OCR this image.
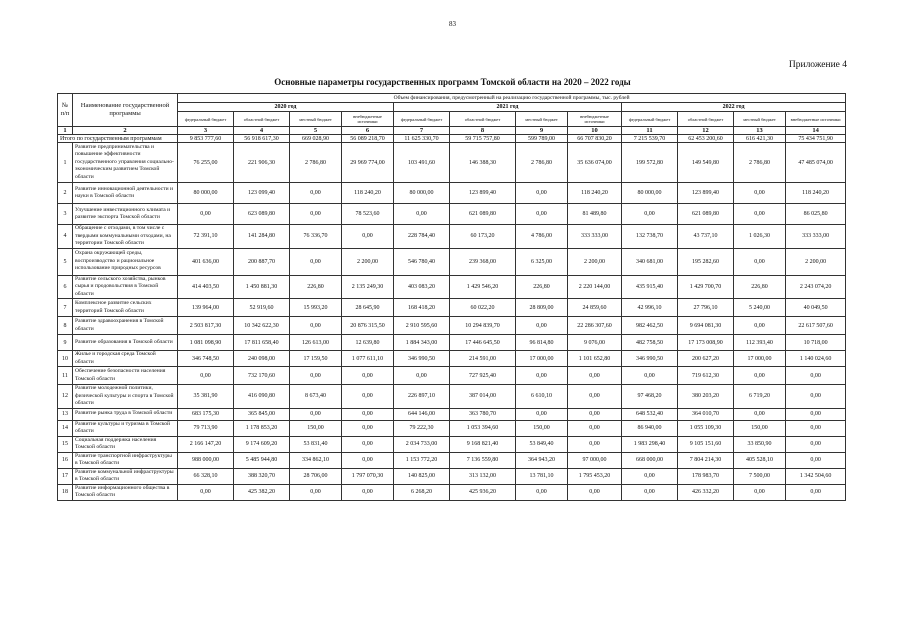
83
Приложение 4
Основные параметры государственных программ Томской области на 2020 – 2022 годы
№ п/п	Наименование государственной программы	Объем финансирования, предусмотренный на реализацию государственной программы, тыс. рублей											
		2020 год				2021 год				2022 год			
		федеральный бюджет	областной бюджет	местный бюджет	внебюджетные источники	федеральный бюджет	областной бюджет	местный бюджет	внебюджетные источники	федеральный бюджет	областной бюджет	местный бюджет	внебюджетные источники
1	2	3	4	5	6	7	8	9	10	11	12	13	14
Итого по государственным программам		9 853 777,60	56 918 617,30	669 028,90	56 089 218,70	11 625 330,70	59 715 757,80	599 789,00	66 707 830,20	7 215 539,70	62 453 200,60	616 421,30	75 434 751,90
1	Развитие предпринимательства и повышение эффективности государственного управления социально-экономическим развитием Томской области	76 255,00	221 906,30	2 786,80	29 969 774,00	103 491,60	146 388,30	2 786,80	35 636 074,00	199 572,80	149 549,80	2 786,80	47 485 074,00
2	Развитие инновационной деятельности и науки в Томской области	80 000,00	123 099,40	0,00	118 240,20	80 000,00	123 899,40	0,00	118 240,20	80 000,00	123 899,40	0,00	118 240,20
3	Улучшение инвестиционного климата и развитие экспорта Томской области	0,00	623 089,80	0,00	78 523,60	0,00	621 089,80	0,00	81 489,80	0,00	621 089,80	0,00	86 025,80
4	Обращение с отходами, в том числе с твердыми коммунальными отходами, на территории Томской области	72 391,10	141 284,80	76 336,70	0,00	228 784,40	60 173,20	4 786,00	333 333,00	132 738,70	43 737,10	1 026,30	333 333,00
5	Охрана окружающей среды, воспроизводство и рациональное использование природных ресурсов	401 636,00	200 887,70	0,00	2 200,00	546 780,40	239 368,00	6 325,00	2 200,00	340 681,00	195 282,60	0,00	2 200,00
6	Развитие сельского хозяйства, рынков сырья и продовольствия в Томской области	414 403,50	1 450 881,30	226,80	2 135 249,30	403 083,20	1 429 546,20	226,80	2 220 144,00	435 915,40	1 429 700,70	226,80	2 243 074,20
7	Комплексное развитие сельских территорий Томской области	139 964,00	52 919,60	15 993,20	28 645,90	168 418,20	60 022,20	28 809,00	24 859,60	42 996,10	27 796,10	5 240,00	40 049,50
8	Развитие здравоохранения в Томской области	2 503 817,30	10 342 622,30	0,00	20 876 315,50	2 910 595,60	10 294 839,70	0,00	22 286 307,60	982 462,50	9 694 081,30	0,00	22 617 507,60
9	Развитие образования в Томской области	1 081 098,90	17 811 658,40	126 613,00	12 639,80	1 884 343,00	17 446 645,50	96 814,80	9 076,00	482 758,50	17 173 008,90	112 393,40	10 718,00
10	Жилье и городская среда Томской области	346 748,50	240 098,00	17 159,50	1 077 611,10	346 990,50	214 591,00	17 000,00	1 101 652,80	346 990,50	200 627,20	17 000,00	1 140 024,60
11	Обеспечение безопасности населения Томской области	0,00	732 170,60	0,00	0,00	0,00	727 925,40	0,00	0,00	0,00	719 612,30	0,00	0,00
12	Развитие молодежной политики, физической культуры и спорта в Томской области	35 381,90	416 090,80	8 673,40	0,00	226 897,10	387 014,00	6 610,10	0,00	97 468,20	380 203,20	6 719,20	0,00
13	Развитие рынка труда в Томской области	683 175,30	365 845,00	0,00	0,00	644 146,00	363 780,70	0,00	0,00	648 532,40	364 010,70	0,00	0,00
14	Развитие культуры и туризма в Томской области	79 713,90	1 178 853,20	150,00	0,00	79 222,30	1 053 394,60	150,00	0,00	86 940,00	1 055 109,30	150,00	0,00
15	Социальная поддержка населения Томской области	2 166 147,20	9 174 609,20	53 831,40	0,00	2 034 733,00	9 168 821,40	53 849,40	0,00	1 983 298,40	9 105 151,60	33 850,90	0,00
16	Развитие транспортной инфраструктуры в Томской области	988 000,00	5 485 944,80	334 862,10	0,00	1 153 772,20	7 136 559,80	364 943,20	97 000,00	668 000,00	7 804 214,30	405 528,10	0,00
17	Развитие коммунальной инфраструктуры в Томской области	66 328,10	388 320,70	28 706,00	1 797 070,30	140 825,00	313 132,00	13 781,10	1 795 453,20	0,00	178 983,70	7 500,00	1 342 504,60
18	Развитие информационного общества в Томской области	0,00	425 382,20	0,00	0,00	6 268,20	425 936,20	0,00	0,00	0,00	426 332,20	0,00	0,00
